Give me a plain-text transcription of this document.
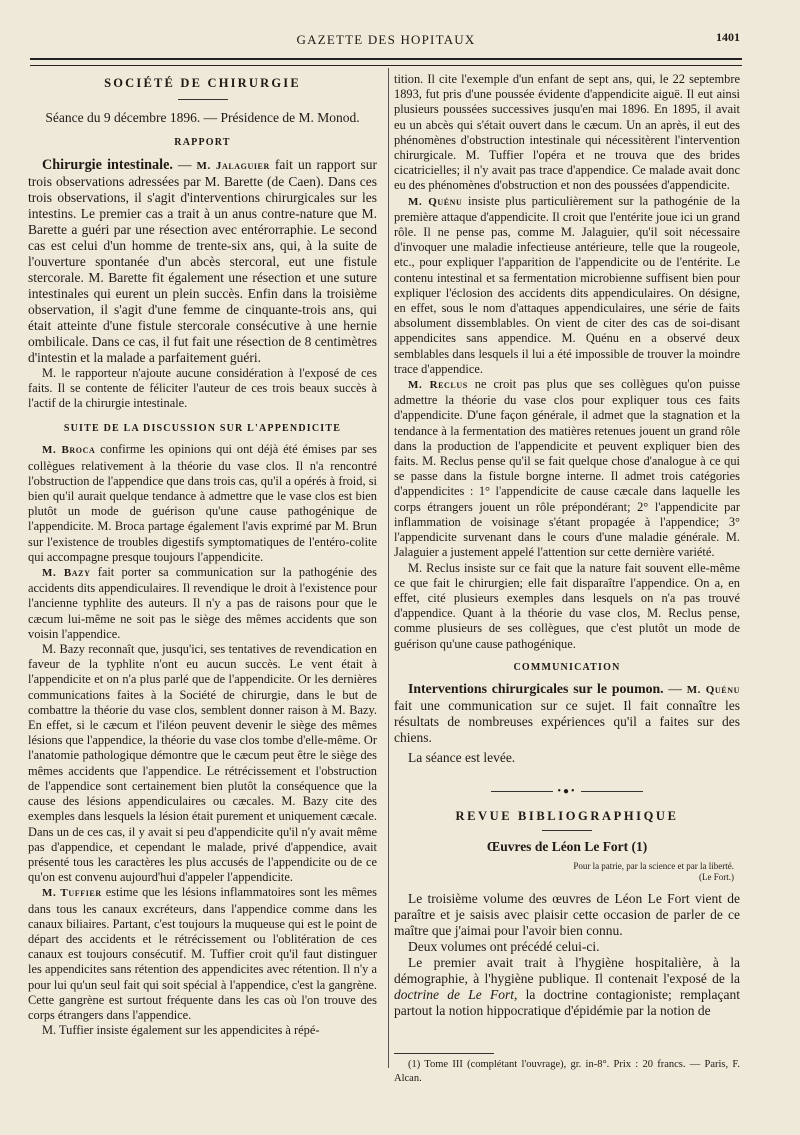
GAZETTE DES HOPITAUX	1401

SOCIÉTÉ DE CHIRURGIE

Séance du 9 décembre 1896. — Présidence de M. Monod.

RAPPORT

Chirurgie intestinale. — M. Jalaguier fait un rapport sur trois observations adressées par M. Barette (de Caen). Dans ces trois observations, il s'agit d'interventions chirurgicales sur les intestins. Le premier cas a trait à un anus contre-nature que M. Barette a guéri par une résection avec entérorraphie. Le second cas est celui d'un homme de trente-six ans, qui, à la suite de l'ouverture spontanée d'un abcès stercoral, eut une fistule stercorale. M. Barette fit également une résection et une suture intestinales qui eurent un plein succès. Enfin dans la troisième observation, il s'agit d'une femme de cinquante-trois ans, qui était atteinte d'une fistule stercorale consécutive à une hernie ombilicale. Dans ce cas, il fut fait une résection de 8 centimètres d'intestin et la malade a parfaitement guéri.

M. le rapporteur n'ajoute aucune considération à l'exposé de ces faits. Il se contente de féliciter l'auteur de ces trois beaux succès à l'actif de la chirurgie intestinale.

SUITE DE LA DISCUSSION SUR L'APPENDICITE

M. Broca confirme les opinions qui ont déjà été émises par ses collègues relativement à la théorie du vase clos. Il n'a rencontré l'obstruction de l'appendice que dans trois cas, qu'il a opérés à froid, si bien qu'il aurait quelque tendance à admettre que le vase clos est bien plutôt un mode de guérison qu'une cause pathogénique de l'appendicite. M. Broca partage également l'avis exprimé par M. Brun sur l'existence de troubles digestifs symptomatiques de l'entéro-colite qui accompagne presque toujours l'appendicite.

M. Bazy fait porter sa communication sur la pathogénie des accidents dits appendiculaires. Il revendique le droit à l'existence pour l'ancienne typhlite des auteurs. Il n'y a pas de raisons pour que le cæcum lui-même ne soit pas le siège des mêmes accidents que son voisin l'appendice.

M. Bazy reconnaît que, jusqu'ici, ses tentatives de revendication en faveur de la typhlite n'ont eu aucun succès. Le vent était à l'appendicite et on n'a plus parlé que de l'appendicite. Or les dernières communications faites à la Société de chirurgie, dans le but de combattre la théorie du vase clos, semblent donner raison à M. Bazy. En effet, si le cæcum et l'iléon peuvent devenir le siège des mêmes lésions que l'appendice, la théorie du vase clos tombe d'elle-même. Or l'anatomie pathologique démontre que le cæcum peut être le siège des mêmes accidents que l'appendice. Le rétrécissement et l'obstruction de l'appendice sont certainement bien plutôt la conséquence que la cause des lésions appendiculaires ou cæcales. M. Bazy cite des exemples dans lesquels la lésion était purement et uniquement cæcale. Dans un de ces cas, il y avait si peu d'appendicite qu'il n'y avait même pas d'appendice, et cependant le malade, privé d'appendice, avait présenté tous les caractères les plus accusés de l'appendicite ou de ce qu'on est convenu aujourd'hui d'appeler l'appendicite.

M. Tuffier estime que les lésions inflammatoires sont les mêmes dans tous les canaux excréteurs, dans l'appendice comme dans les canaux biliaires. Partant, c'est toujours la muqueuse qui est le point de départ des accidents et le rétrécissement ou l'oblitération de ces canaux est toujours consécutif. M. Tuffier croit qu'il faut distinguer les appendicites sans rétention des appendicites avec rétention. Il n'y a pour lui qu'un seul fait qui soit spécial à l'appendice, c'est la gangrène. Cette gangrène est surtout fréquente dans les cas où l'on trouve des corps étrangers dans l'appendice.

M. Tuffier insiste également sur les appendicites à répé-

tition. Il cite l'exemple d'un enfant de sept ans, qui, le 22 septembre 1893, fut pris d'une poussée évidente d'appendicite aiguë. Il eut ainsi plusieurs poussées successives jusqu'en mai 1896. En 1895, il avait eu un abcès qui s'était ouvert dans le cæcum. Un an après, il eut des phénomènes d'obstruction intestinale qui nécessitèrent l'intervention chirurgicale. M. Tuffier l'opéra et ne trouva que des brides cicatricielles; il n'y avait pas trace d'appendice. Ce malade avait donc eu des phénomènes d'obstruction et non des poussées d'appendicite.

M. Quénu insiste plus particulièrement sur la pathogénie de la première attaque d'appendicite. Il croit que l'entérite joue ici un grand rôle. Il ne pense pas, comme M. Jalaguier, qu'il soit nécessaire d'invoquer une maladie infectieuse antérieure, telle que la rougeole, etc., pour expliquer l'apparition de l'appendicite ou de l'entérite. Le contenu intestinal et sa fermentation microbienne suffisent bien pour expliquer l'éclosion des accidents dits appendiculaires. On désigne, en effet, sous le nom d'attaques appendiculaires, une série de faits absolument dissemblables. On vient de citer des cas de soi-disant appendicites sans appendice. M. Quénu en a observé deux semblables dans lesquels il lui a été impossible de trouver la moindre trace d'appendice.

M. Reclus ne croit pas plus que ses collègues qu'on puisse admettre la théorie du vase clos pour expliquer tous ces faits d'appendicite. D'une façon générale, il admet que la stagnation et la tendance à la fermentation des matières retenues jouent un grand rôle dans la production de l'appendicite et peuvent expliquer bien des faits. M. Reclus pense qu'il se fait quelque chose d'analogue à ce qui se passe dans la fistule borgne interne. Il admet trois catégories d'appendicites : 1° l'appendicite de cause cæcale dans laquelle les corps étrangers jouent un rôle prépondérant; 2° l'appendicite par inflammation de voisinage s'étant propagée à l'appendice; 3° l'appendicite survenant dans le cours d'une maladie générale. M. Jalaguier a justement appelé l'attention sur cette dernière variété.

M. Reclus insiste sur ce fait que la nature fait souvent elle-même ce que fait le chirurgien; elle fait disparaître l'appendice. On a, en effet, cité plusieurs exemples dans lesquels on n'a pas trouvé d'appendice. Quant à la théorie du vase clos, M. Reclus pense, comme plusieurs de ses collègues, que c'est plutôt un mode de guérison qu'une cause pathogénique.

COMMUNICATION

Interventions chirurgicales sur le poumon. — M. Quénu fait une communication sur ce sujet. Il fait connaître les résultats de nombreuses expériences qu'il a faites sur des chiens.

La séance est levée.

•●•

REVUE BIBLIOGRAPHIQUE

Œuvres de Léon Le Fort (1)

Pour la patrie, par la science et par la liberté.
(Le Fort.)

Le troisième volume des œuvres de Léon Le Fort vient de paraître et je saisis avec plaisir cette occasion de parler de ce maître que j'aimai pour l'avoir bien connu.

Deux volumes ont précédé celui-ci.

Le premier avait trait à l'hygiène hospitalière, à la démographie, à l'hygiène publique. Il contenait l'exposé de la doctrine de Le Fort, la doctrine contagioniste; remplaçant partout la notion hippocratique d'épidémie par la notion de

(1) Tome III (complétant l'ouvrage), gr. in-8°. Prix : 20 francs. — Paris, F. Alcan.
